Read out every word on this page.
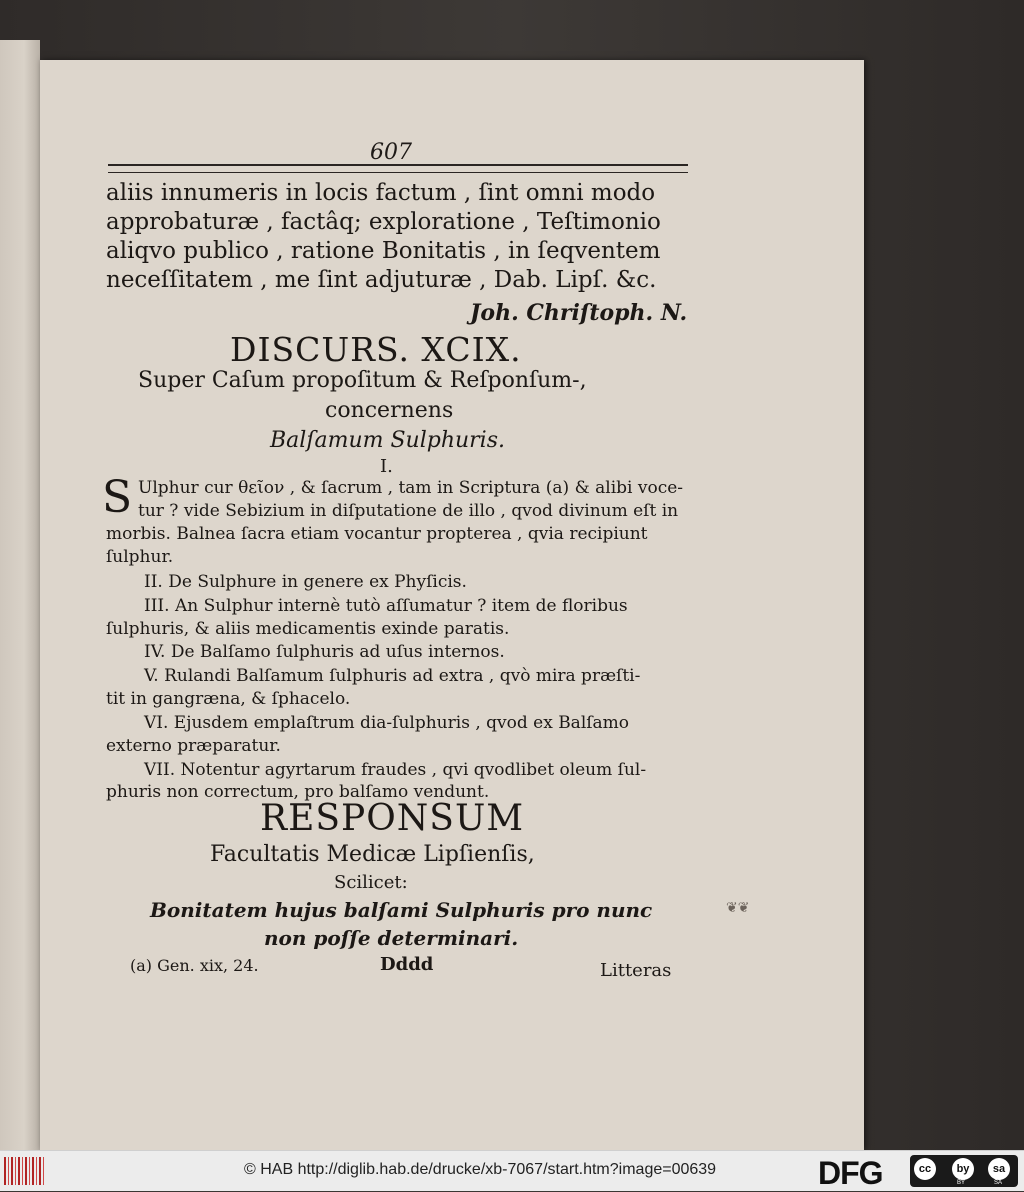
607
aliis innumeris in locis factum , ſint omni modo
approbaturæ , factâq; exploratione , Teſtimonio
aliqvo publico , ratione Bonitatis , in ſeqventem
neceſſitatem , me ſint adjuturæ , Dab. Lipſ. &c.
Joh. Chriſtoph. N.
DISCURS. XCIX.
Super Caſum propoſitum & Reſponſum-,
concernens
Balſamum Sulphuris.
I.
S Ulphur cur θεῖον , & ſacrum , tam in Scriptura (a) & alibi voce-
tur ? vide Sebizium in diſputatione de illo , qvod divinum eſt in
morbis. Balnea ſacra etiam vocantur propterea , qvia recipiunt
ſulphur.
II. De Sulphure in genere ex Phyſicis.
III. An Sulphur internè tutò aſſumatur ? item de floribus
ſulphuris, & aliis medicamentis exinde paratis.
IV. De Balſamo ſulphuris ad uſus internos.
V. Rulandi Balſamum ſulphuris ad extra , qvò mira præſti-
tit in gangræna, & ſphacelo.
VI. Ejusdem emplaſtrum dia-ſulphuris , qvod ex Balſamo
externo præparatur.
VII. Notentur agyrtarum fraudes , qvi qvodlibet oleum ſul-
phuris non correctum, pro balſamo vendunt.
RESPONSUM
Facultatis Medicæ Lipſienſis,
Scilicet:
Bonitatem hujus balſami Sulphuris pro nunc
non poſſe determinari.
(a) Gen. xix, 24.	Dddd	Litteras
❦❦
© HAB http://diglib.hab.de/drucke/xb-7067/start.htm?image=00639	DFG	cc	by	sa
BY	SA
